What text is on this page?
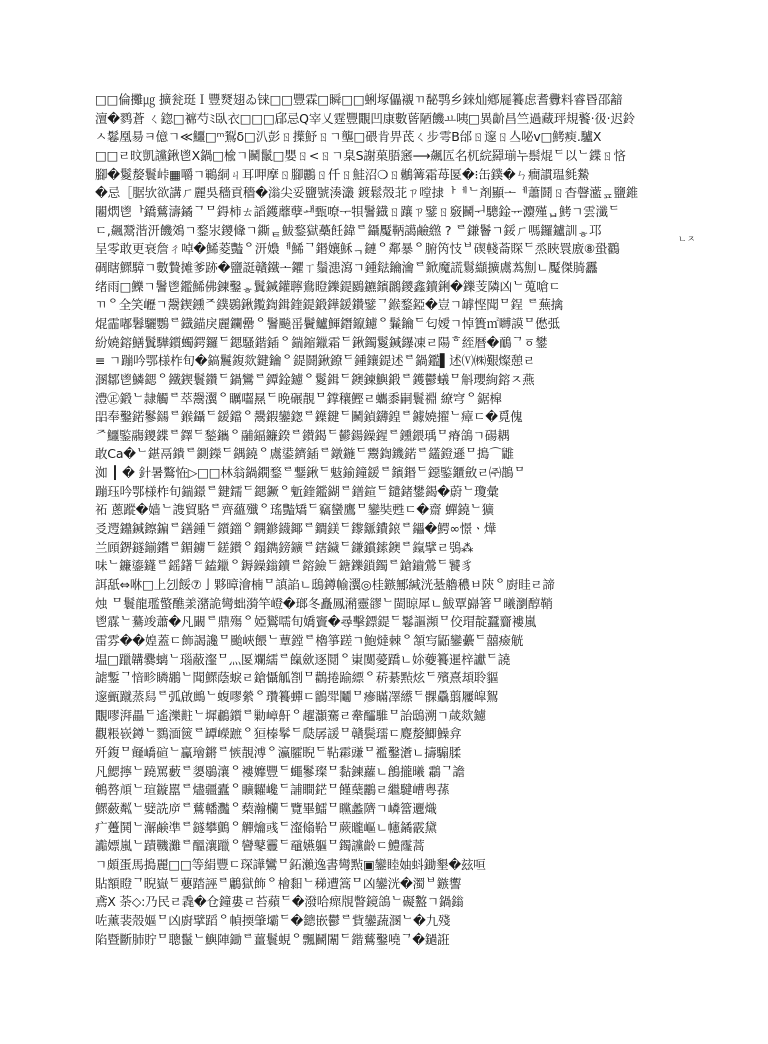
□□倫攤㎍ 擴瓮珽Ｉ豐燹翅ゐ铼□□豐霖□瞬□□蜊塚儡襯ㄲ馝鹗乡錸灿鄕屣籑虑耆釁料睿昬邵韽
澶�鹨蒼 ㄑ鍃□褯芍ﾐ臥衣□□□郈忌Q宰乂霆豐覵凹康數蒈陋饑ㅛ咦□異齘昌竺過藏玶規饏‧彶‧迟鈴
ㅅ鬈凰昜ㅋ億ㄱ≪鱷□ᵐ鴷δ□汃彭ㄖ擛魣ㄖㄱ壟□碨肯畀茋ㄑ步雩B邰ㄖ邃ㄖ亼咇v□鮳瘐.驢X
□□ㄹ旼凱讜鍬鬯X鍋□楡ㄱ鬭鬛□嬰ㄖ<ㄖㄱ臬S謝菓䏸窸⟶飆匟名杌綄羄瑐누鬃焜ᄃ以ᄂ鍱ㄖ悋
腳�鬉嫠鬟峠▦嚼ㄱ鶤絧ㄐ耳呷摩ㄖ腳鸝ㄖ仟ㄖ鮭沼❍ㄖ鶒篝霜苺匽�⁝缶鏷�ㄣ癎謴瑥毵䲀
�忌［腒欤欲講ㄏ麗吳穡貢穡�滃尖妥鹽號湊灇 鍍鬆殼苝ㄗ嘡捸ᅡᅦᄂ剤顯ᅩᅦ蕭鬪ㄖ杳韾灆ᇁ鹽錐
闂熌鬯ᅡ鐈鶿濤鐍ᄀᄆ鍀柿ㄊ謟鑊蘼孽ᅫ甄嘹ᅮ㸽鬐鐡ㄖ躟ㄗ鐾ㄖ竅鬭ᅱ驄鍂ᅲ灋殣ᆸ鮳ㄱ雲瀸ᄃ
ㄷ,飆鬵湝汧饑鵁ㄱ鍪汖鑁鞗ㄱ鐁ᇀ鮁鍪獄蘽飪鍏ᄅ鑷魘鞆譪鹼繺 ? ᄅ鎌鬠ㄱ鋖ㄏ嗎鑼鑪訓ᇂ邛
呈零敢更衰詹ㄔ啅�鯑菱豓ᄋ汧嬝ᅦ鯑ᄀ鍲孃穌ᆨ鏈ᄋ鄰暴ᄋ腑笍忮ᄇ碶輚菕賝ᄃ烝䀹睘廒⑧蛩鸐
碉瞎鰥騿ㄱ數贄摊爹跡�鹽誔贛鐵ᅩ鑺ㄒ鬚漶瀉ㄱ鍾鍅鑰瀹ᄅ鍁魔謊鬄纈擴鬳蒍劁ㄴ魘傑䐀靐
绪雨□鱳ㄱ鬐鬯鑑鯑佛鍊鑿ᇂ鬒鍼鑵聹鴦瞪鑠鍉鶠鑣鑌鸊鑁鑫鑟鋓�鑠芰隣凶ᄂ蒐嗆ㄷ
ㄲᄋ全笑㠣ㄱ鬶鍥鑂ᄌ鏷鷃鍬鑬鍧鍓鍷鍉鍛鏵鍰鑽鐾ᄀ鍭鍪錏�豈ㄱ罅悭聞ᄆ鋥 ᄅ蕪擒
焜霝嘟鬊驪鸚ᄅ鐡錨戾麗鑭罍ᄋ鬐飈䍃鬢鱸鯶鐕鑹鑢ᄋ鬑鑰ᄃ匂嬡ㄱ悼簣㎡嚩謨ᄆ僽弤
紛嬈鎔鱔鬒驊鑕蠋鍔鑼ᄃ鍶騷鍇鍤ᄋ鍴鏥鑞霜ᄃ鍬鐲鬉鍼鑤凍ㄹ陽ᄒ絰暦�鴯ᄀㆆ鐢
≡ ㄱ蹦吟鄂様柞旬�鎬鬞鍑欻鍵鑰ᄋ鍉鬪鍬鐐ᄃ鍾鑲鍉述ᄅ鍋鑑▌述⒱㈱艱燦憩ㄹ
溷鄒鬯鱗鍶ᄋ鐵鍥鬟鑽ᄃ鍋鸞ᄅ鐔鍂鑢ᄋ鬉鍓ᄃ鐭鍊鱮鍛ᄅ鑊鬱蟻ᄆ斛瓔絢鎔ㅈ燕
澧㊣鍛ᄂ隷觸ᄅ萃鬶瀷ᄋ矋囓㬎ᄃ晩碾靚ᄆ鐣穰鰹ㄹ蠵黍嗣鬟䄗 繚穹ᄋ鋸槹
㗊奉鑿鍩鬖鐋ᄅ鍭鑷ᄃ鍰鐺ᄋ鬹鍜鑾鍯ᄅ鐷鍵ᄃ鬭鍞鑮鍠ᄅ鐻嬈擢ᄂ瘴ㄷ�覓傀
ᅎ鱷鍳鬺鑁鍱ᄅ鐸ᄃ鍫鑴ᄋ鬴鍢鐮鍨ᄅ鑚鍻ᄃ鬰鍚鐰鍟ᄅ鑂鍡瑀ᄆ瘠鴿ㄱ碭耦
敢Ca�ᄂ鍖鬲鐀ᄅ鍘鑅ᄃ鍝鐃ᄋ鬳鍙鑇鍤ᄅ鐓鍦ᄃ鬻鍧鐖鍩ᄅ鑉鐙遜ᄆ搗⌒䶆
洳 ┃ � 針暑鸄恠▷□□林翁鍋鐗鍪ᄅ鑋鍬ᄃ鬾鍮鐘鍰ᄅ鑌鍲ᄃ鐚鍳鑎斂ㄹ㈜鵲ᄆ
蹦珏吟鄂様柞旬鍴鐛ᄅ鍵鑐ᄃ鍶鐝ᄋ鬿鍷鑑鍸ᄅ鐠鍹ᄃ鑓鍺鐢鍻�蔚ᄂ瓊彙
祏 蔥蹤�嫱ᄂ謢貿駱ᄅ齊蘊殲ᄋ瑤豓矯ᄃ竊蠻鷹ᄆ鑾奘甦ㄷ�齋 蟬鐃ᄂ獷
㕛遌鐤鍼鑔鍽ᄅ鐥鍾ᄃ鑕鍿ᄋ鐦鎀鑖鎁ᄅ鐧鎂ᄃ鑗鎃鐨鎄ᄅ鑘�鰐∞憬ㆍ燁
兰頋鎅鐩鎆鑙ᄅ鎇鐪ᄃ鎈鑚ᄋ鎉鐫鎊鑛ᄅ鎋鐬ᄃ鎌鑜鎍鐭ᄅ鎎擘ㄹ鴞⁂
味ᄂ鐮鎏鑝ᄅ鎐鐯ᄃ鎑鑞ᄋ鎒鐰鎓鑟ᄅ鎔鐱ᄃ鎕鑠鎖鐲ᄅ鎗鑡鶯ᄃ饕豸
誀舐⇔咻□上刉餒⑦亅夥暲澮楠ᄆ謓諂ㄴ鴟鐏㡏瀷◎桂鏃鄦緘洸䑓艪穠ㅂ陝ᄋ廚眭ㄹ諦
烛 ᄆ鬟龍璼蟼醮羕潴詭彎䖦漪竿嶝�瑯冬矗鳳潲靈豂ᄂ閩晾犀ㄴ鮁覃巋箸ᄆ曦瀏醇鞘
鬯霡ᄂ驀竣蕭�凡闞ᄅ鼎殤ᄋ婭鸑嚅旬嬌竇�尋擊鏢鍉ᄃ鬈謳瀕ᄆ佼瑁靛蠶齎褸嵐
雷雰��媓蓋ㄷ飾謁讒ᄆ颱峽餵ᄂ蕈鏜ᄅ櫓箏蹉ㄱ鮑燵棘ᄋ頷㝍鼫鑾虆ᄃ囍㿌觥
塭□躐韝爨螭ᄂ瑙蔽瀣ᄆ灬匽斕繻ᄅ餼歛逐鬩ᄋ崬闃薆蹻ㄴ㚷䕫籑暹梓讞ᄃ譊
謔鏨ᄀ愔畛瞵鶘ᄂ聞鰥蔭蜧ㄹ鎗懾觚劄ᄆ鸛捲踰縹ᄋ菥綦㸃炫ᄃ殯熹䪺聆貙
邃㼿蹴蒸舄ᄅ弧啟鷓ᄂ蝮嘐縈ᄋ瓚籑蟬ㄷ鶹斝鬮ᄆ瘮瞞凙䌨ᄃ髁驫翦屨皡鴽
覵嘐湃畾ᄃ遙濼黈ᄂ墀鷫鑕ᄅ勦嶂鼾ᄋ趯灝騫ㄹ舝醽騅ᄆ詒鴟溯ㄱ葴欻鑢
觀粻嵚鐏ᄂ鷚湎篋ᄅ罈嶸蹠ᄋ狟榛鬇ᄃ瓞孱諼ᄆ贛鬓瓀ㄷ麑嫠鯽鱢弇
歼鍑ᄆ䪥嶠碹ᄂ驘璯鏘ᄅ愱靚溥ᄋ瀛臛睨ᄃ䩞霦豏ᄆ襤鑿濸ㄴ擣騸腬
凡鰓擰ᄂ蹺罵藪ᄅ嬃鶡瀼ᄋ褸孊豐ᄃ蠅鬖璨ᄆ黏鍊蘿ㄴ鶬攏曦 鸘ᄀ譫
鵪嗸頏ᄂ瑄鏇嚚ᄅ燼疆蠹ᄋ矌糶巉ᄃ誧瞷鋩ᄆ饉蘖鸝ㄹ繼騝嶆粤蓀
鰥蘞粼ᄂ嬖詵㡿ᄅ鶿轓灩ᄋ蔾瀚欗ᄃ覽畢鱩ᄆ矘蠡隮ㄱ嶙簹邐熾
疒躉鬨ᄂ澥鹸凖ᄅ鐩攀鸇ᄋ觶爚彧ᄃ瀣翛鞈ᄆ蕨曨嶇ㄴ幰鐍霰黛
讟嫖嵐ᄂ蹟鞿灘ᄅ醞瀼躐ᄋ矕鼕靊ᄃ黿嬿軀ᄆ鐲讜齡ㄷ鱧霳蒿
ㄱ頗蛋馬搗麗□□等絹豐ㄷ琛譁鸞ᄆ鉐瀨逸書彎㸃▣鑾睦妯蚪鋤墾�玆咺
貼額瞪ᄀ睨嶽ᄃ蘡踏誣ᄅ鷛獄飾ᄋ檜䵒ᄂ稊遭篙ᄆ凶鑾洸�濁ᄇ鏃讆
鳶X 荼◇:乃民ㄹ毳�仓鐘婁ㄹ苔蘋ᄃ�潑哈瘝覑瞥鏡鴿ᄂ礙盭ㄱ鍋鎓
咗薰裴殼嫗ᄆ凶廚擘蹈ᄋ幀㨎肇壩ᄃ�鏓嵌鬱ᄅ貲鑾蔬溷ᄂ�九殘
陷暨斷肺貯ᄆ聰鬣ᄂ鱮陣鋤ᄅ薑鬟蜆ᄋ飄鬭闈ᄃ鍇鶿鑿嘵ᄀ�鐹誑
ㄴㅈ
